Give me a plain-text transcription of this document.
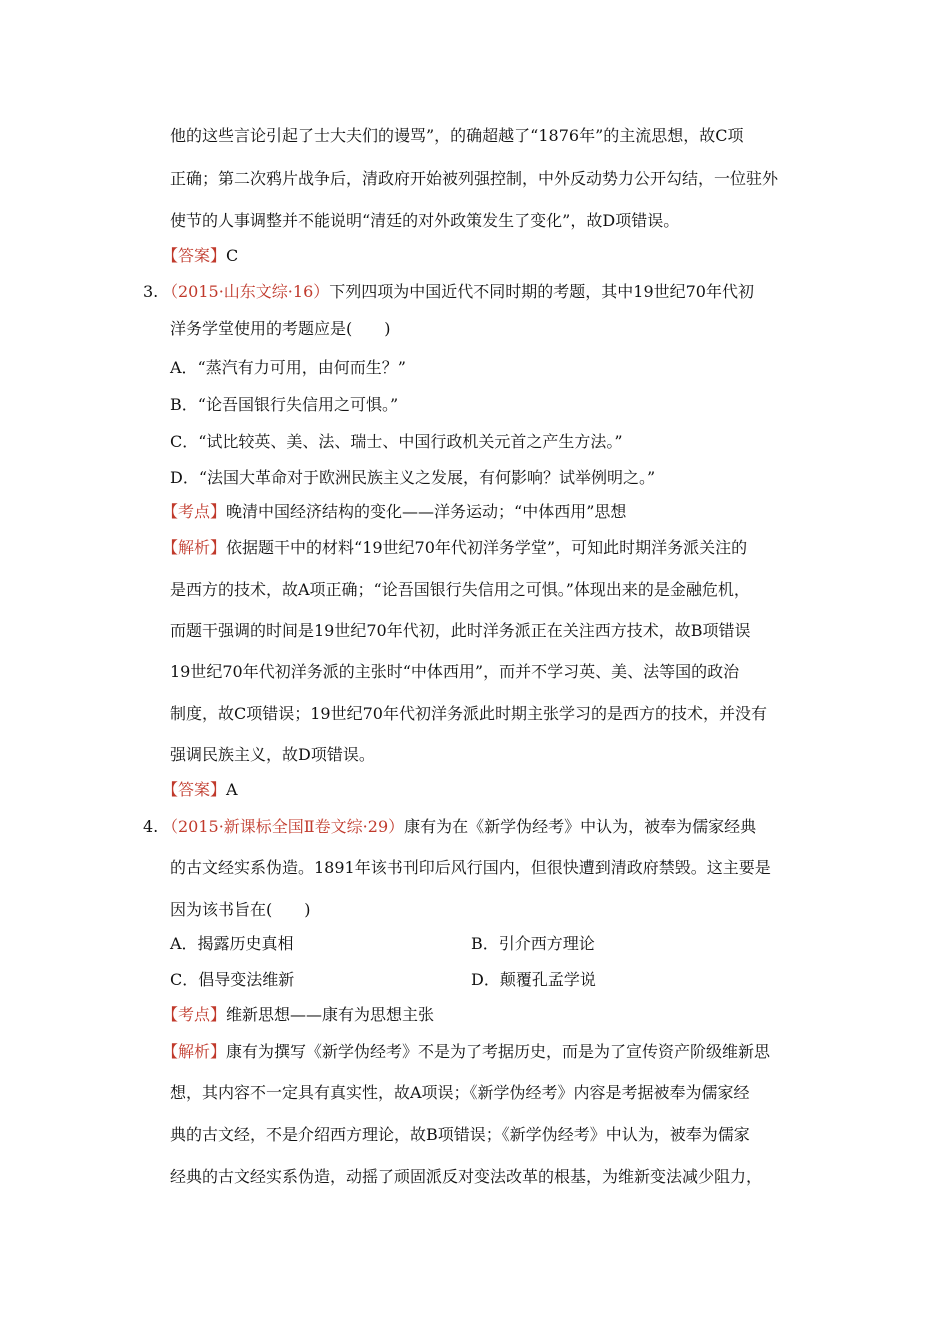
他的这些言论引起了士大夫们的谩骂”，的确超越了“1876年”的主流思想，故C项
正确；第二次鸦片战争后，清政府开始被列强控制，中外反动势力公开勾结，一位驻外
使节的人事调整并不能说明“清廷的对外政策发生了变化”，故D项错误。
【答案】C
3. （2015·山东文综·16）下列四项为中国近代不同时期的考题，其中19世纪70年代初
洋务学堂使用的考题应是(　　)
A．“蒸汽有力可用，由何而生？”
B．“论吾国银行失信用之可惧。”
C．“试比较英、美、法、瑞士、中国行政机关元首之产生方法。”
D．“法国大革命对于欧洲民族主义之发展，有何影响？试举例明之。”
【考点】晚清中国经济结构的变化——洋务运动；“中体西用”思想
【解析】依据题干中的材料“19世纪70年代初洋务学堂”，可知此时期洋务派关注的
是西方的技术，故A项正确；“论吾国银行失信用之可惧。”体现出来的是金融危机，
而题干强调的时间是19世纪70年代初，此时洋务派正在关注西方技术，故B项错误
19世纪70年代初洋务派的主张时“中体西用”，而并不学习英、美、法等国的政治
制度，故C项错误；19世纪70年代初洋务派此时期主张学习的是西方的技术，并没有
强调民族主义，故D项错误。
【答案】A
4. （2015·新课标全国Ⅱ卷文综·29）康有为在《新学伪经考》中认为，被奉为儒家经典
的古文经实系伪造。1891年该书刊印后风行国内，但很快遭到清政府禁毁。这主要是
因为该书旨在(　　)
A．揭露历史真相	B．引介西方理论
C．倡导变法维新	D．颠覆孔孟学说
【考点】维新思想——康有为思想主张
【解析】康有为撰写《新学伪经考》不是为了考据历史，而是为了宣传资产阶级维新思
想，其内容不一定具有真实性，故A项误；《新学伪经考》内容是考据被奉为儒家经
典的古文经，不是介绍西方理论，故B项错误；《新学伪经考》中认为，被奉为儒家
经典的古文经实系伪造，动摇了顽固派反对变法改革的根基，为维新变法减少阻力，
